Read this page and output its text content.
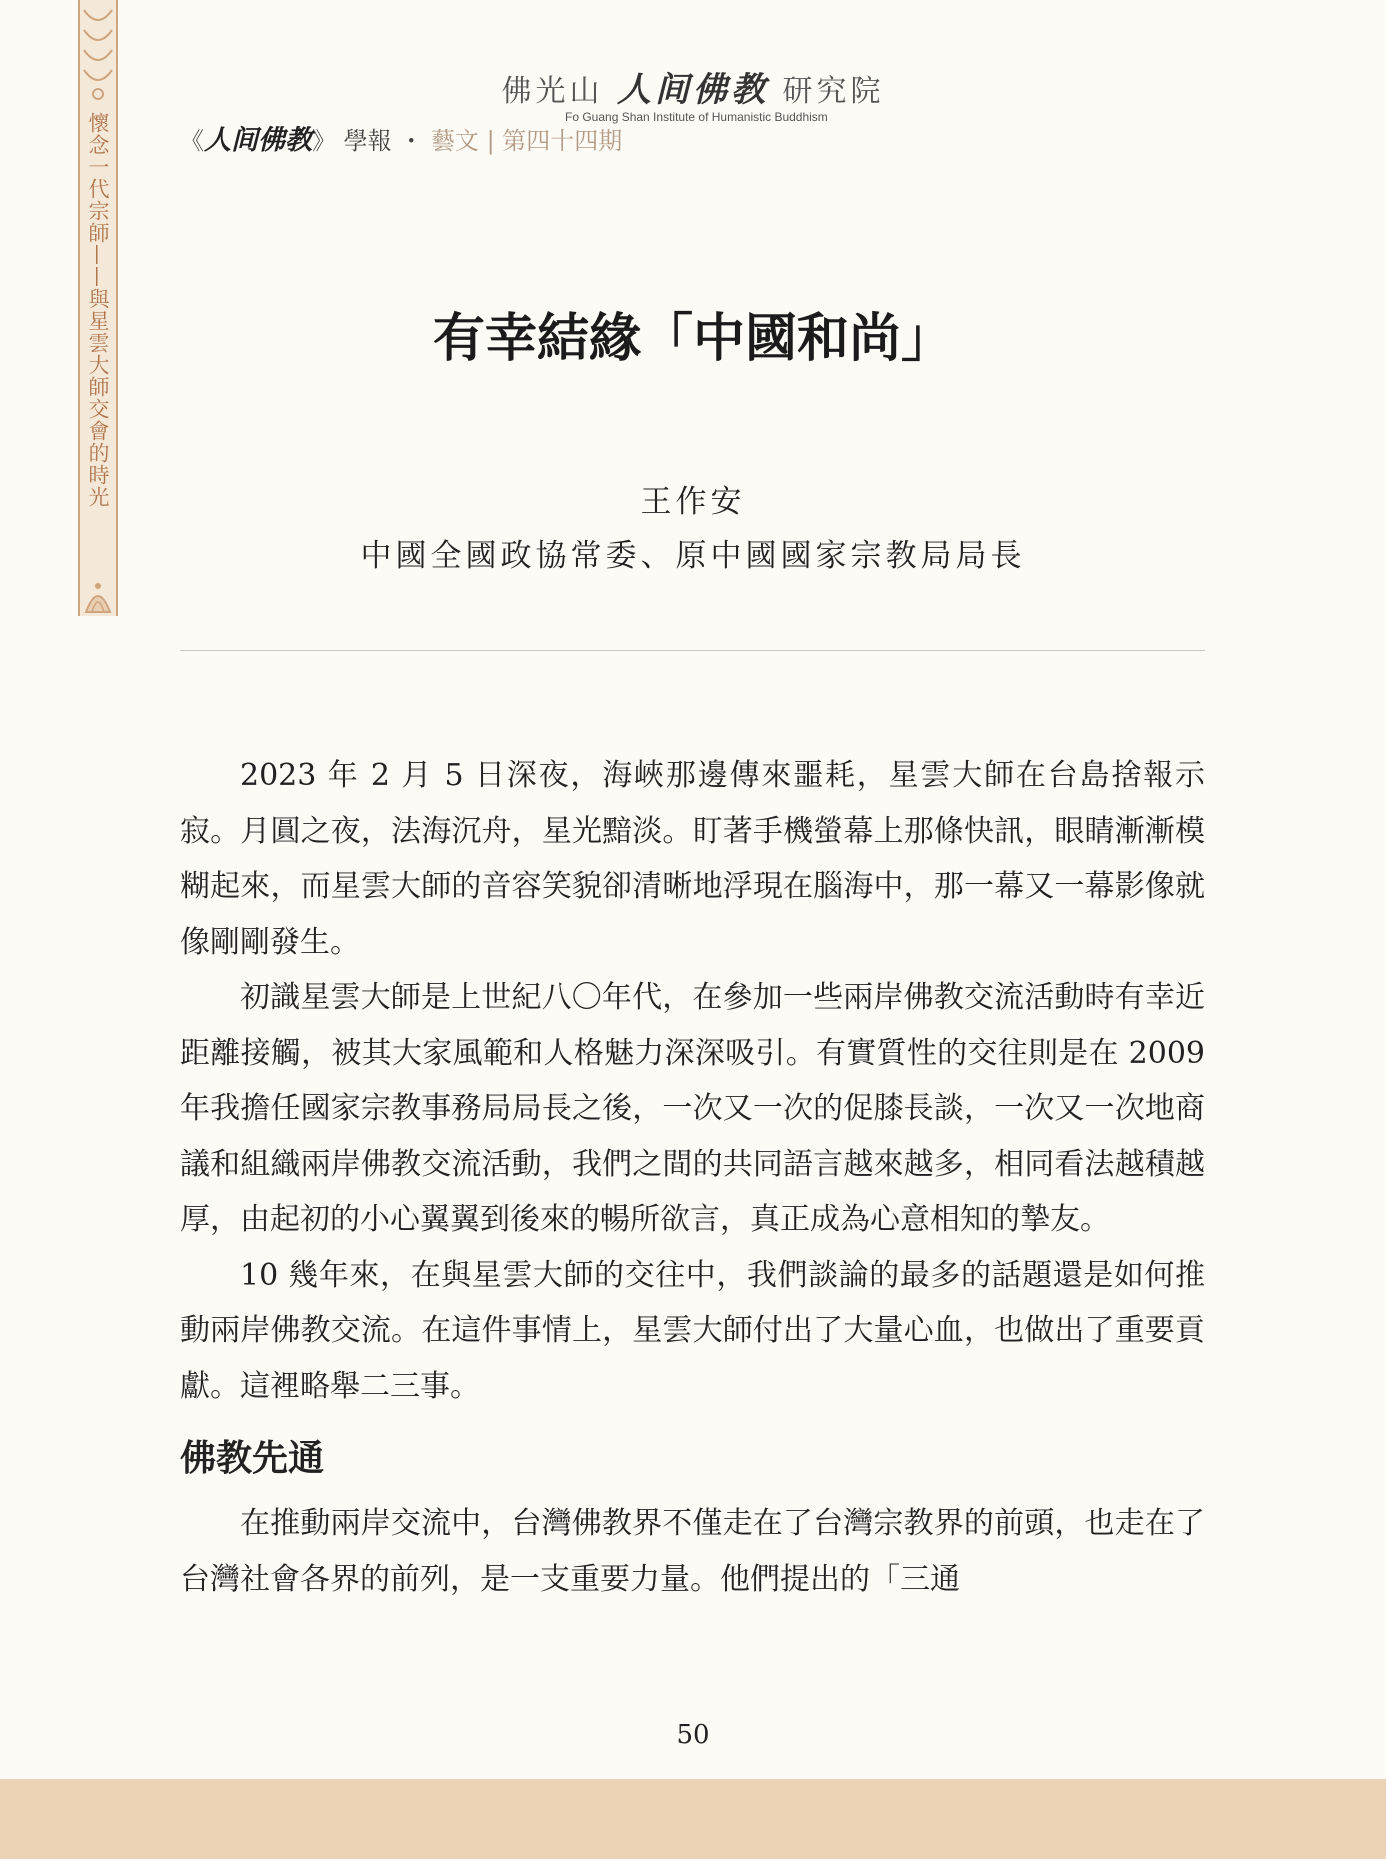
懷念一代宗師——與星雲大師交會的時光
佛光山 人间佛教 研究院
Fo Guang Shan Institute of Humanistic Buddhism
《人间佛教》 學報 ・ 藝文 | 第四十四期
有幸結緣「中國和尚」
王作安
中國全國政協常委、原中國國家宗教局局長

2023 年 2 月 5 日深夜，海峽那邊傳來噩耗，星雲大師在台島捨報示寂。月圓之夜，法海沉舟，星光黯淡。盯著手機螢幕上那條快訊，眼睛漸漸模糊起來，而星雲大師的音容笑貌卻清晰地浮現在腦海中，那一幕又一幕影像就像剛剛發生。

初識星雲大師是上世紀八〇年代，在參加一些兩岸佛教交流活動時有幸近距離接觸，被其大家風範和人格魅力深深吸引。有實質性的交往則是在 2009 年我擔任國家宗教事務局局長之後，一次又一次的促膝長談，一次又一次地商議和組織兩岸佛教交流活動，我們之間的共同語言越來越多，相同看法越積越厚，由起初的小心翼翼到後來的暢所欲言，真正成為心意相知的摯友。

10 幾年來，在與星雲大師的交往中，我們談論的最多的話題還是如何推動兩岸佛教交流。在這件事情上，星雲大師付出了大量心血，也做出了重要貢獻。這裡略舉二三事。

佛教先通

在推動兩岸交流中，台灣佛教界不僅走在了台灣宗教界的前頭，也走在了台灣社會各界的前列，是一支重要力量。他們提出的「三通

50
